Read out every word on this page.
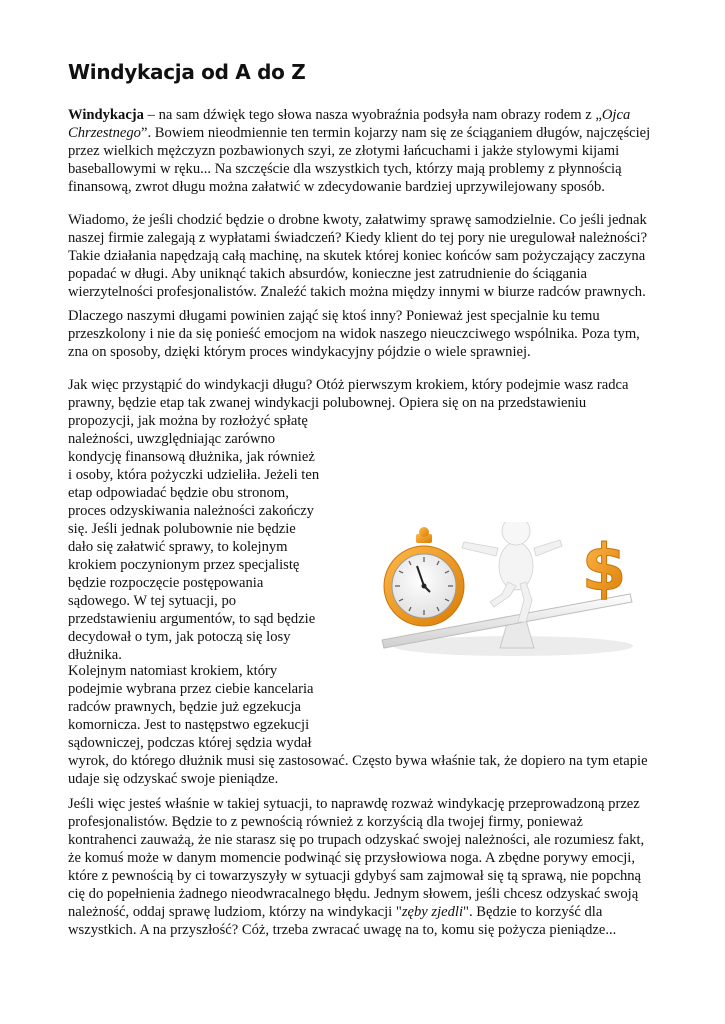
Windykacja od A do Z

Windykacja – na sam dźwięk tego słowa nasza wyobraźnia podsyła nam obrazy rodem z „Ojca
Chrzestnego”. Bowiem nieodmiennie ten termin kojarzy nam się ze ściąganiem długów, najczęściej
przez wielkich mężczyzn pozbawionych szyi, ze złotymi łańcuchami i jakże stylowymi kijami
baseballowymi w ręku... Na szczęście dla wszystkich tych, którzy mają problemy z płynnością
finansową, zwrot długu można załatwić w zdecydowanie bardziej uprzywilejowany sposób.

Wiadomo, że jeśli chodzić będzie o drobne kwoty, załatwimy sprawę samodzielnie. Co jeśli jednak
naszej firmie zalegają z wypłatami świadczeń? Kiedy klient do tej pory nie uregulował należności?
Takie działania napędzają całą machinę, na skutek której koniec końców sam pożyczający zaczyna
popadać w długi. Aby uniknąć takich absurdów, konieczne jest zatrudnienie do ściągania
wierzytelności profesjonalistów. Znaleźć takich można między innymi w biurze radców prawnych.

Dlaczego naszymi długami powinien zająć się ktoś inny? Ponieważ jest specjalnie ku temu
przeszkolony i nie da się ponieść emocjom na widok naszego nieuczciwego wspólnika. Poza tym,
zna on sposoby, dzięki którym proces windykacyjny pójdzie o wiele sprawniej.

Jak więc przystąpić do windykacji długu? Otóż pierwszym krokiem, który podejmie wasz radca
prawny, będzie etap tak zwanej windykacji polubownej. Opiera się on na przedstawieniu
propozycji, jak można by rozłożyć spłatę
należności, uwzględniając zarówno
kondycję finansową dłużnika, jak również
i osoby, która pożyczki udzieliła. Jeżeli ten
etap odpowiadać będzie obu stronom,
proces odzyskiwania należności zakończy
się. Jeśli jednak polubownie nie będzie
dało się załatwić sprawy, to kolejnym
krokiem poczynionym przez specjalistę
będzie rozpoczęcie postępowania
sądowego. W tej sytuacji, po
przedstawieniu argumentów, to sąd będzie
decydował o tym, jak potoczą się losy
dłużnika.

Kolejnym natomiast krokiem, który
podejmie wybrana przez ciebie kancelaria
radców prawnych, będzie już egzekucja
komornicza. Jest to następstwo egzekucji
sądowniczej, podczas której sędzia wydał
wyrok, do którego dłużnik musi się zastosować. Często bywa właśnie tak, że dopiero na tym etapie
udaje się odzyskać swoje pieniądze.

Jeśli więc jesteś właśnie w takiej sytuacji, to naprawdę rozważ windykację przeprowadzoną przez
profesjonalistów. Będzie to z pewnością również z korzyścią dla twojej firmy, ponieważ
kontrahenci zauważą, że nie starasz się po trupach odzyskać swojej należności, ale rozumiesz fakt,
że komuś może w danym momencie podwinąć się przysłowiowa noga. A zbędne porywy emocji,
które z pewnością by ci towarzyszyły w sytuacji gdybyś sam zajmował się tą sprawą, nie popchną
cię do popełnienia żadnego nieodwracalnego błędu. Jednym słowem, jeśli chcesz odzyskać swoją
należność, oddaj sprawę ludziom, którzy na windykacji "zęby zjedli". Będzie to korzyść dla
wszystkich. A na przyszłość? Cóż, trzeba zwracać uwagę na to, komu się pożycza pieniądze...

$
